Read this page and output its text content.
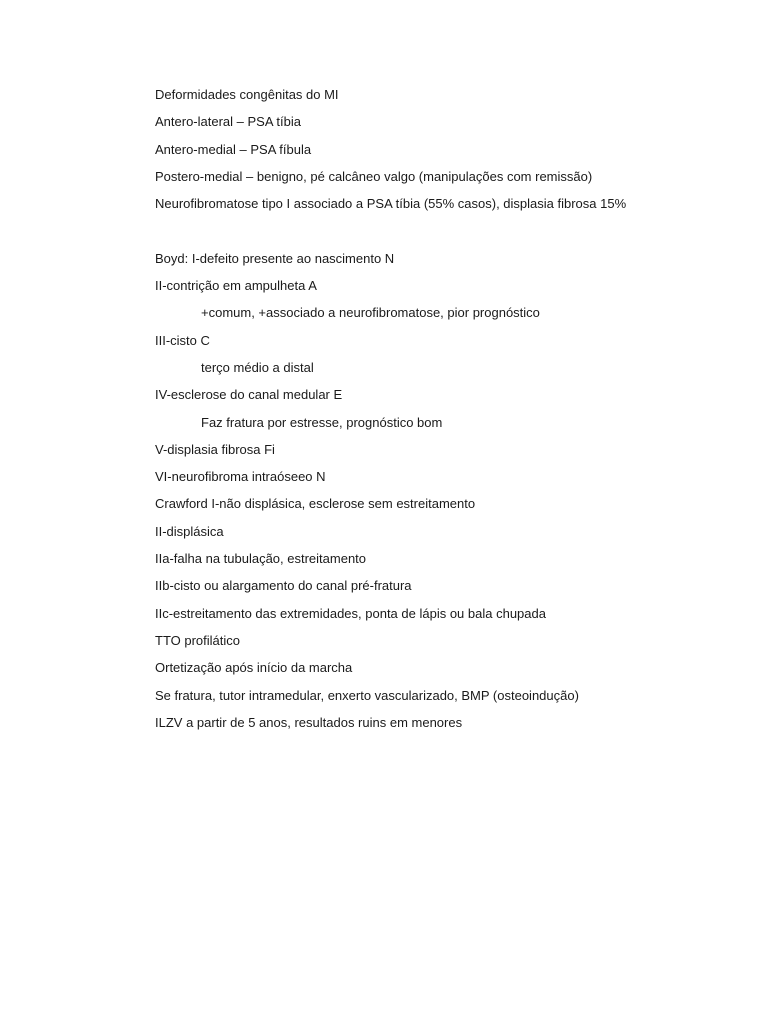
Deformidades congênitas do MI
Antero-lateral – PSA tíbia
Antero-medial – PSA fíbula
Postero-medial – benigno, pé calcâneo valgo (manipulações com remissão)
Neurofibromatose tipo I associado a PSA tíbia (55% casos), displasia fibrosa 15%
Boyd: I-defeito presente ao nascimento N
II-contrição em ampulheta A
+comum, +associado a neurofibromatose, pior prognóstico
III-cisto C
terço médio a distal
IV-esclerose do canal medular E
Faz fratura por estresse, prognóstico bom
V-displasia fibrosa Fi
VI-neurofibroma intraóseeo N
Crawford I-não displásica, esclerose sem estreitamento
II-displásica
IIa-falha na tubulação, estreitamento
IIb-cisto ou alargamento do canal pré-fratura
IIc-estreitamento das extremidades, ponta de lápis ou bala chupada
TTO profilático
Ortetização após início da marcha
Se fratura, tutor intramedular, enxerto vascularizado, BMP (osteoindução)
ILZV a partir de 5 anos, resultados ruins em menores
